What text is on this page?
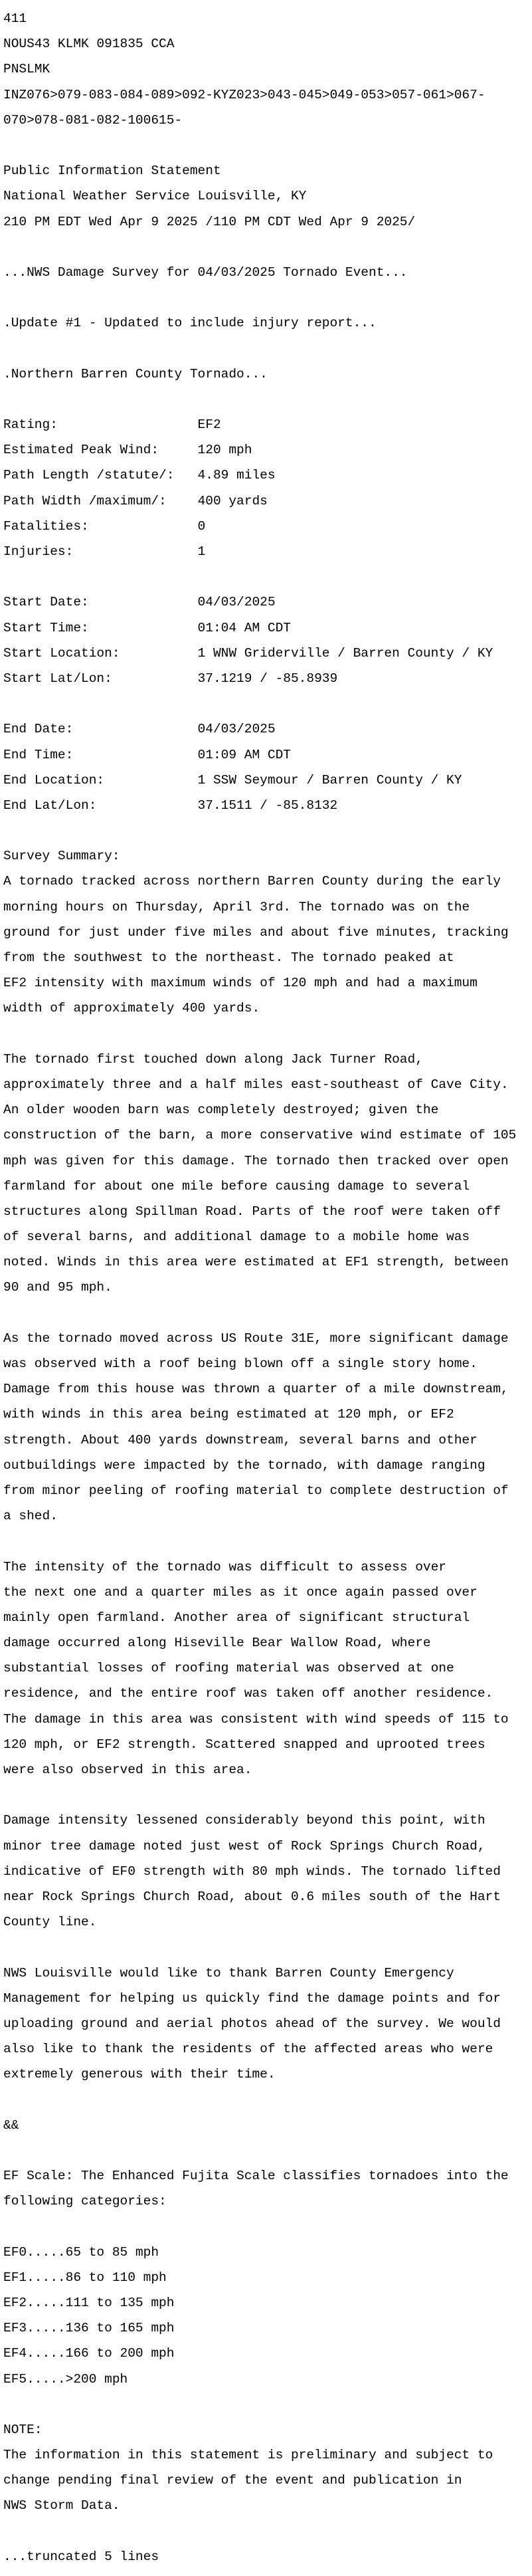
411

NOUS43 KLMK 091835 CCA

PNSLMK

INZ076>079-083-084-089>092-KYZ023>043-045>049-053>057-061>067-

070>078-081-082-100615-

Public Information Statement

National Weather Service Louisville, KY

210 PM EDT Wed Apr 9 2025 /110 PM CDT Wed Apr 9 2025/

...NWS Damage Survey for 04/03/2025 Tornado Event...

.Update #1 - Updated to include injury report...

.Northern Barren County Tornado...

Rating:                  EF2

Estimated Peak Wind:     120 mph

Path Length /statute/:   4.89 miles

Path Width /maximum/:    400 yards

Fatalities:              0

Injuries:                1

Start Date:              04/03/2025

Start Time:              01:04 AM CDT

Start Location:          1 WNW Griderville / Barren County / KY

Start Lat/Lon:           37.1219 / -85.8939

End Date:                04/03/2025

End Time:                01:09 AM CDT

End Location:            1 SSW Seymour / Barren County / KY

End Lat/Lon:             37.1511 / -85.8132

Survey Summary:

A tornado tracked across northern Barren County during the early

morning hours on Thursday, April 3rd. The tornado was on the

ground for just under five miles and about five minutes, tracking

from the southwest to the northeast. The tornado peaked at

EF2 intensity with maximum winds of 120 mph and had a maximum

width of approximately 400 yards.

The tornado first touched down along Jack Turner Road,

approximately three and a half miles east-southeast of Cave City.

An older wooden barn was completely destroyed; given the

construction of the barn, a more conservative wind estimate of 105

mph was given for this damage. The tornado then tracked over open

farmland for about one mile before causing damage to several

structures along Spillman Road. Parts of the roof were taken off

of several barns, and additional damage to a mobile home was

noted. Winds in this area were estimated at EF1 strength, between

90 and 95 mph.

As the tornado moved across US Route 31E, more significant damage

was observed with a roof being blown off a single story home.

Damage from this house was thrown a quarter of a mile downstream,

with winds in this area being estimated at 120 mph, or EF2

strength. About 400 yards downstream, several barns and other

outbuildings were impacted by the tornado, with damage ranging

from minor peeling of roofing material to complete destruction of

a shed.

The intensity of the tornado was difficult to assess over

the next one and a quarter miles as it once again passed over

mainly open farmland. Another area of significant structural

damage occurred along Hiseville Bear Wallow Road, where

substantial losses of roofing material was observed at one

residence, and the entire roof was taken off another residence.

The damage in this area was consistent with wind speeds of 115 to

120 mph, or EF2 strength. Scattered snapped and uprooted trees

were also observed in this area.

Damage intensity lessened considerably beyond this point, with

minor tree damage noted just west of Rock Springs Church Road,

indicative of EF0 strength with 80 mph winds. The tornado lifted

near Rock Springs Church Road, about 0.6 miles south of the Hart

County line.

NWS Louisville would like to thank Barren County Emergency

Management for helping us quickly find the damage points and for

uploading ground and aerial photos ahead of the survey. We would

also like to thank the residents of the affected areas who were

extremely generous with their time.

&&

EF Scale: The Enhanced Fujita Scale classifies tornadoes into the

following categories:

EF0.....65 to 85 mph

EF1.....86 to 110 mph

EF2.....111 to 135 mph

EF3.....136 to 165 mph

EF4.....166 to 200 mph

EF5.....>200 mph

NOTE:

The information in this statement is preliminary and subject to

change pending final review of the event and publication in

NWS Storm Data.

...truncated 5 lines
